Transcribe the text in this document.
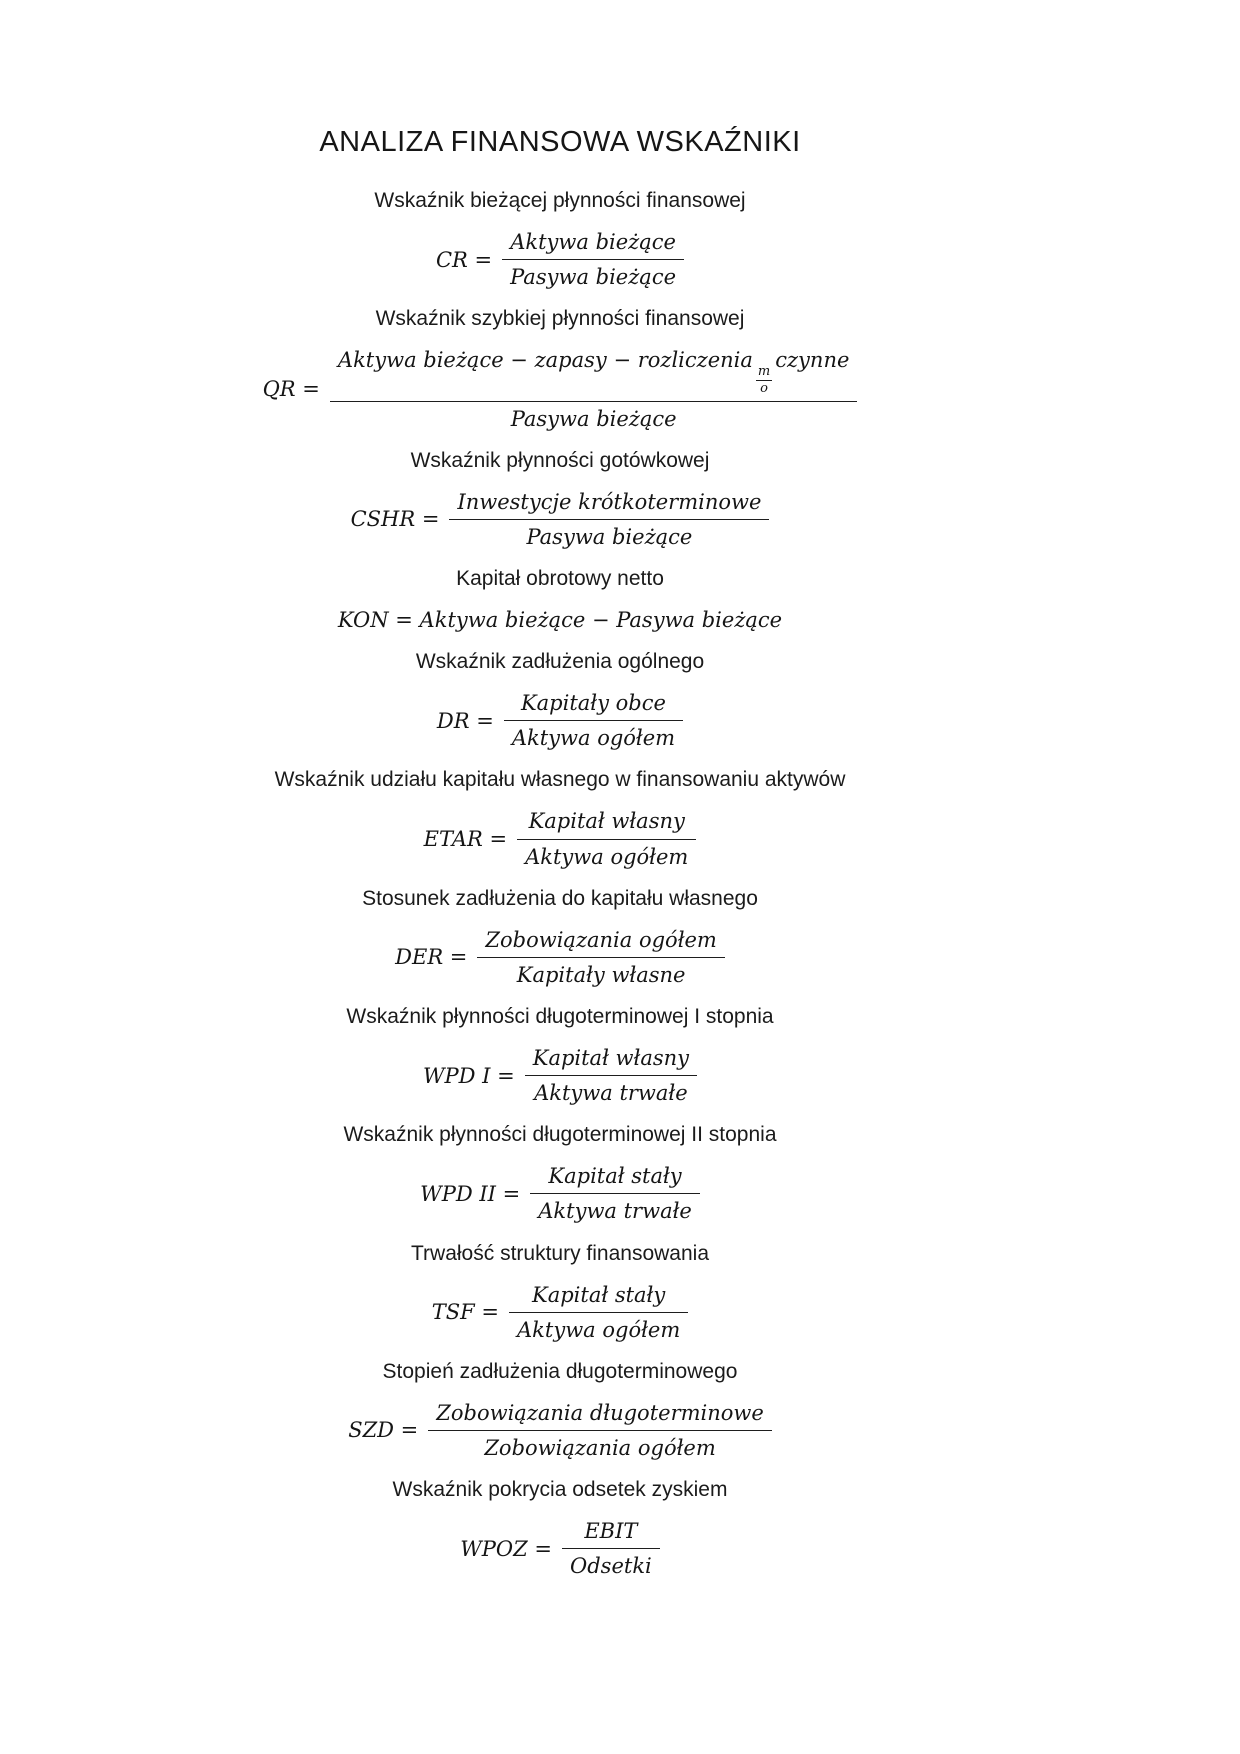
ANALIZA FINANSOWA WSKAŹNIKI

Wskaźnik bieżącej płynności finansowej

CR = $\frac{\text{Aktywa bieżące}}{\text{Pasywa bieżące}}$

Wskaźnik szybkiej płynności finansowej

QR = Aktywa bieżące − zapasy − rozliczenia
$\frac{m}{o}$
czynne
Pasywa bieżące

Wskaźnik płynności gotówkowej

CSHR = $\frac{\text{Inwestycje krótkoterminowe}}{\text{Pasywa bieżące}}$

Kapitał obrotowy netto

KON = Aktywa bieżące − Pasywa bieżące

Wskaźnik zadłużenia ogólnego

DR = $\frac{\text{Kapitały obce}}{\text{Aktywa ogółem}}$

Wskaźnik udziału kapitału własnego w finansowaniu aktywów

ETAR = $\frac{\text{Kapitał własny}}{\text{Aktywa ogółem}}$

Stosunek zadłużenia do kapitału własnego

DER = $\frac{\text{Zobowiązania ogółem}}{\text{Kapitały własne}}$

Wskaźnik płynności długoterminowej I stopnia

WPD $I = \frac{\text{Kapitał własny}}{\text{Aktywa trwałe}}$

Wskaźnik płynności długoterminowej II stopnia

WPD II = $\frac{\text{Kapitał stały}}{\text{Aktywa trwałe}}$

Trwałość struktury finansowania

TSF = $\frac{\text{Kapitał stały}}{\text{Aktywa ogółem}}$

Stopień zadłużenia długoterminowego

SZD = $\frac{\text{Zobowiązania długoterminowe}}{\text{Zobowiązania ogółem}}$

Wskaźnik pokrycia odsetek zyskiem

WPOZ = $\frac{\text{EBIT}}{\text{Odsetki}}$
